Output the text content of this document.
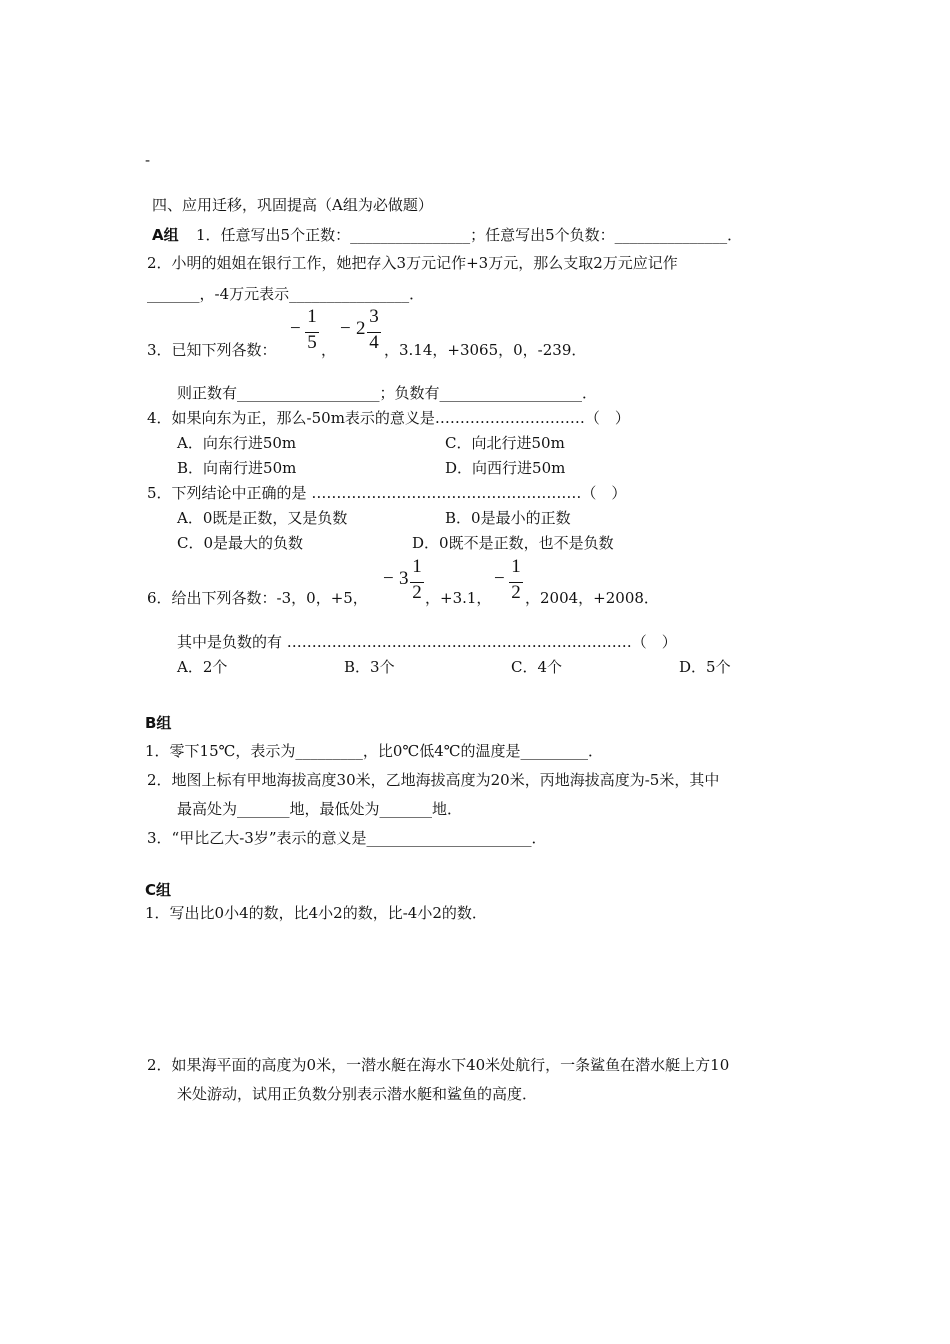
-
四、应用迁移，巩固提高（A组为必做题）
A组 1．任意写出5个正数：________________；任意写出5个负数：_______________．
2．小明的姐姐在银行工作，她把存入3万元记作+3万元，那么支取2万元应记作
_______，-4万元表示________________．
3．已知下列各数：
−
1
5 ，
− 2
3
4 ，3.14，+3065，0，-239．
则正数有___________________；负数有___________________．
4．如果向东为正，那么-50m表示的意义是…………………………（　）
A．向东行进50m	C．向北行进50m
B．向南行进50m	D．向西行进50m
5．下列结论中正确的是 ………………………………………………（　）
A．0既是正数，又是负数	B．0是最小的正数
C．0是最大的负数	D．0既不是正数，也不是负数
6．给出下列各数：-3，0，+5，
− 3
1
2 ，+3.1，
−
1
2 ，2004，+2008．
其中是负数的有 ……………………………………………………………（　）
A．2个	B．3个	C．4个	D．5个
B组
1．零下15℃，表示为_________，比0℃低4℃的温度是_________．
2．地图上标有甲地海拔高度30米，乙地海拔高度为20米，丙地海拔高度为-5米，其中
最高处为_______地，最低处为_______地．
3．“甲比乙大-3岁”表示的意义是______________________．
C组
1．写出比0小4的数，比4小2的数，比-4小2的数．
2．如果海平面的高度为0米，一潜水艇在海水下40米处航行，一条鲨鱼在潜水艇上方10
米处游动，试用正负数分别表示潜水艇和鲨鱼的高度．
